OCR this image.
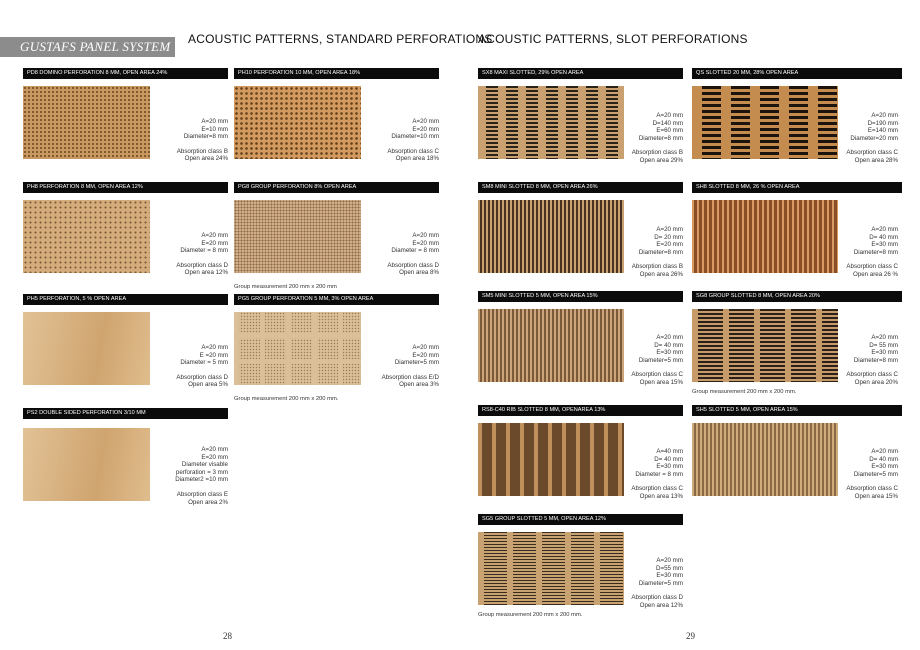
GUSTAFS PANEL SYSTEM	ACOUSTIC PATTERNS, STANDARD PERFORATIONS
ACOUSTIC PATTERNS, SLOT PERFORATIONS
PD8 DOMINO PERFORATION 8 MM, OPEN AREA 24%
A=20 mm
E=10 mm
Diameter=8 mm
Absorption class B
Open area 24%
PH10 PERFORATION 10 MM, OPEN AREA 18%
A=20 mm
E=20 mm
Diameter=10 mm
Absorption class C
Open area 18%
PH8 PERFORATION 8 MM, OPEN AREA 12%
A=20 mm
E=20 mm
Diameter = 8 mm
Absorption class D
Open area 12%
PG8 GROUP PERFORATION 8% OPEN AREA
A=20 mm
E=20 mm
Diameter = 8 mm
Absorption class D
Open area 8%
Group measurement 200 mm x 200 mm
PH5 PERFORATION, 5 % OPEN AREA
A=20 mm
E =20 mm
Diameter = 5 mm
Absorption class D
Open area 5%
PG5 GROUP PERFORATION 5 MM, 3% OPEN AREA
A=20 mm
E=20 mm
Diameter=5 mm
Absorption class E/D
Open area 3%
Group measurement 200 mm x 200 mm.
PS2 DOUBLE SIDED PERFORATION 3/10 MM
A=20 mm
E=20 mm
Diameter visable
perforation = 3 mm
Diameter2 =10 mm
Absorption class E
Open area 2%
SX8 MAXI SLOTTED, 29% OPEN AREA
A=20 mm
D=140 mm
E=60 mm
Diameter=8 mm
Absorption class B
Open area 29%
QS SLOTTED 20 MM, 28% OPEN AREA
A=20 mm
D=190 mm
E=140 mm
Diameter=20 mm
Absorption class C
Open area 28%
SM8 MINI SLOTTED 8 MM, OPEN AREA 26%
A=20 mm
D= 20 mm
E=20 mm
Diameter=8 mm
Absorption class B
Open area 26%
SH8 SLOTTED 8 MM, 26 % OPEN AREA
A=20 mm
D= 40 mm
E=30 mm
Diameter=8 mm
Absorption class C
Open area 26 %
SM5 MINI SLOTTED 5 MM, OPEN AREA 15%
A=20 mm
D= 40 mm
E=30 mm
Diameter=5 mm
Absorption class C
Open area 15%
SG8 GROUP SLOTTED 8 MM, OPEN AREA 20%
A=20 mm
D= 55 mm
E=30 mm
Diameter=8 mm
Absorption class C
Open area 20%
Group measurement 200 mm x 200 mm.
RS8-C40 RIB SLOTTED 8 MM, OPENAREA 13%
A=40 mm
D= 40 mm
E=30 mm
Diameter = 8 mm
Absorption class C
Open area 13%
SH5 SLOTTED 5 MM, OPEN AREA 15%
A=20 mm
D= 40 mm
E=30 mm
Diameter=5 mm
Absorption class C
Open area 15%
SG5 GROUP SLOTTED 5 MM, OPEN AREA 12%
A=20 mm
D=55 mm
E=30 mm
Diameter=5 mm
Absorption class D
Open area 12%
Group measurement 200 mm x 200 mm.
28	29
